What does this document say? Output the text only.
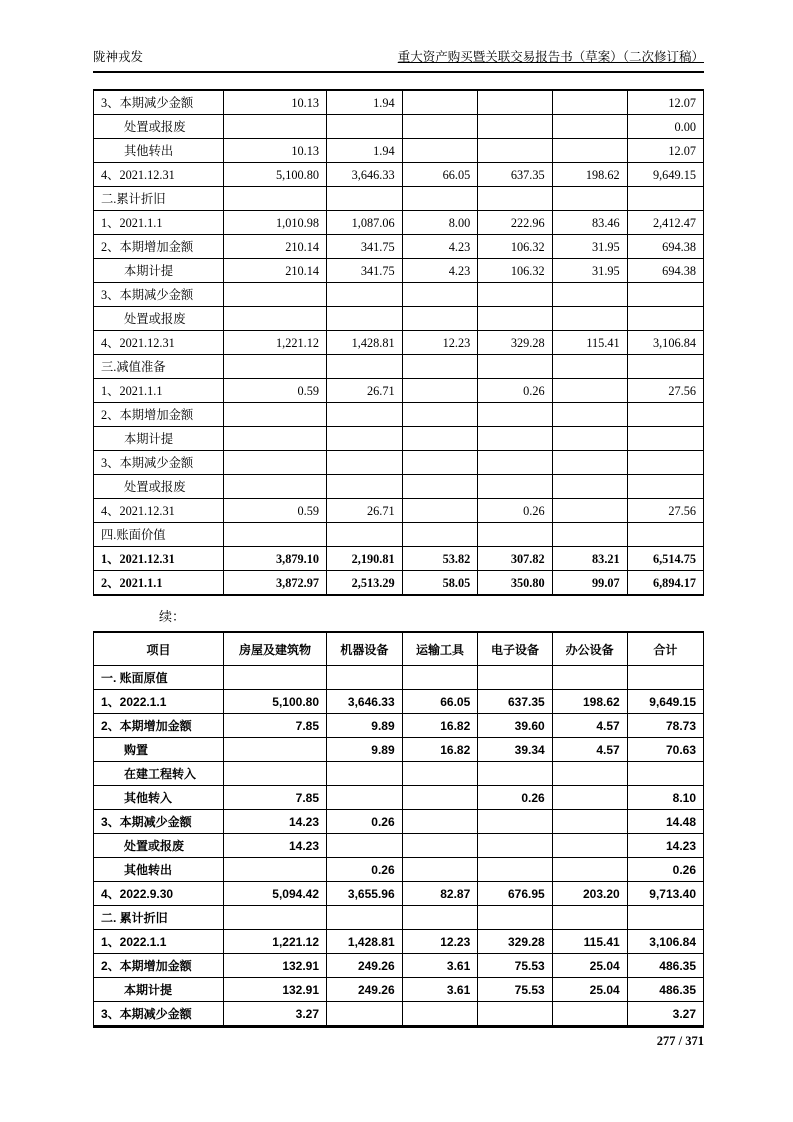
陇神戎发	重大资产购买暨关联交易报告书（草案）（二次修订稿）
3、本期减少金额	10.13	1.94				12.07
处置或报废						0.00
其他转出	10.13	1.94				12.07
4、2021.12.31	5,100.80	3,646.33	66.05	637.35	198.62	9,649.15
二.累计折旧						
1、2021.1.1	1,010.98	1,087.06	8.00	222.96	83.46	2,412.47
2、本期增加金额	210.14	341.75	4.23	106.32	31.95	694.38
本期计提	210.14	341.75	4.23	106.32	31.95	694.38
3、本期减少金额						
处置或报废						
4、2021.12.31	1,221.12	1,428.81	12.23	329.28	115.41	3,106.84
三.减值准备						
1、2021.1.1	0.59	26.71		0.26		27.56
2、本期增加金额						
本期计提						
3、本期减少金额						
处置或报废						
4、2021.12.31	0.59	26.71		0.26		27.56
四.账面价值						
1、2021.12.31	3,879.10	2,190.81	53.82	307.82	83.21	6,514.75
2、2021.1.1	3,872.97	2,513.29	58.05	350.80	99.07	6,894.17
续：
项目	房屋及建筑物	机器设备	运输工具	电子设备	办公设备	合计
一. 账面原值						
1、2022.1.1	5,100.80	3,646.33	66.05	637.35	198.62	9,649.15
2、本期增加金额	7.85	9.89	16.82	39.60	4.57	78.73
购置		9.89	16.82	39.34	4.57	70.63
在建工程转入						
其他转入	7.85			0.26		8.10
3、本期减少金额	14.23	0.26				14.48
处置或报废	14.23					14.23
其他转出		0.26				0.26
4、2022.9.30	5,094.42	3,655.96	82.87	676.95	203.20	9,713.40
二. 累计折旧						
1、2022.1.1	1,221.12	1,428.81	12.23	329.28	115.41	3,106.84
2、本期增加金额	132.91	249.26	3.61	75.53	25.04	486.35
本期计提	132.91	249.26	3.61	75.53	25.04	486.35
3、本期减少金额	3.27					3.27
277 / 371
